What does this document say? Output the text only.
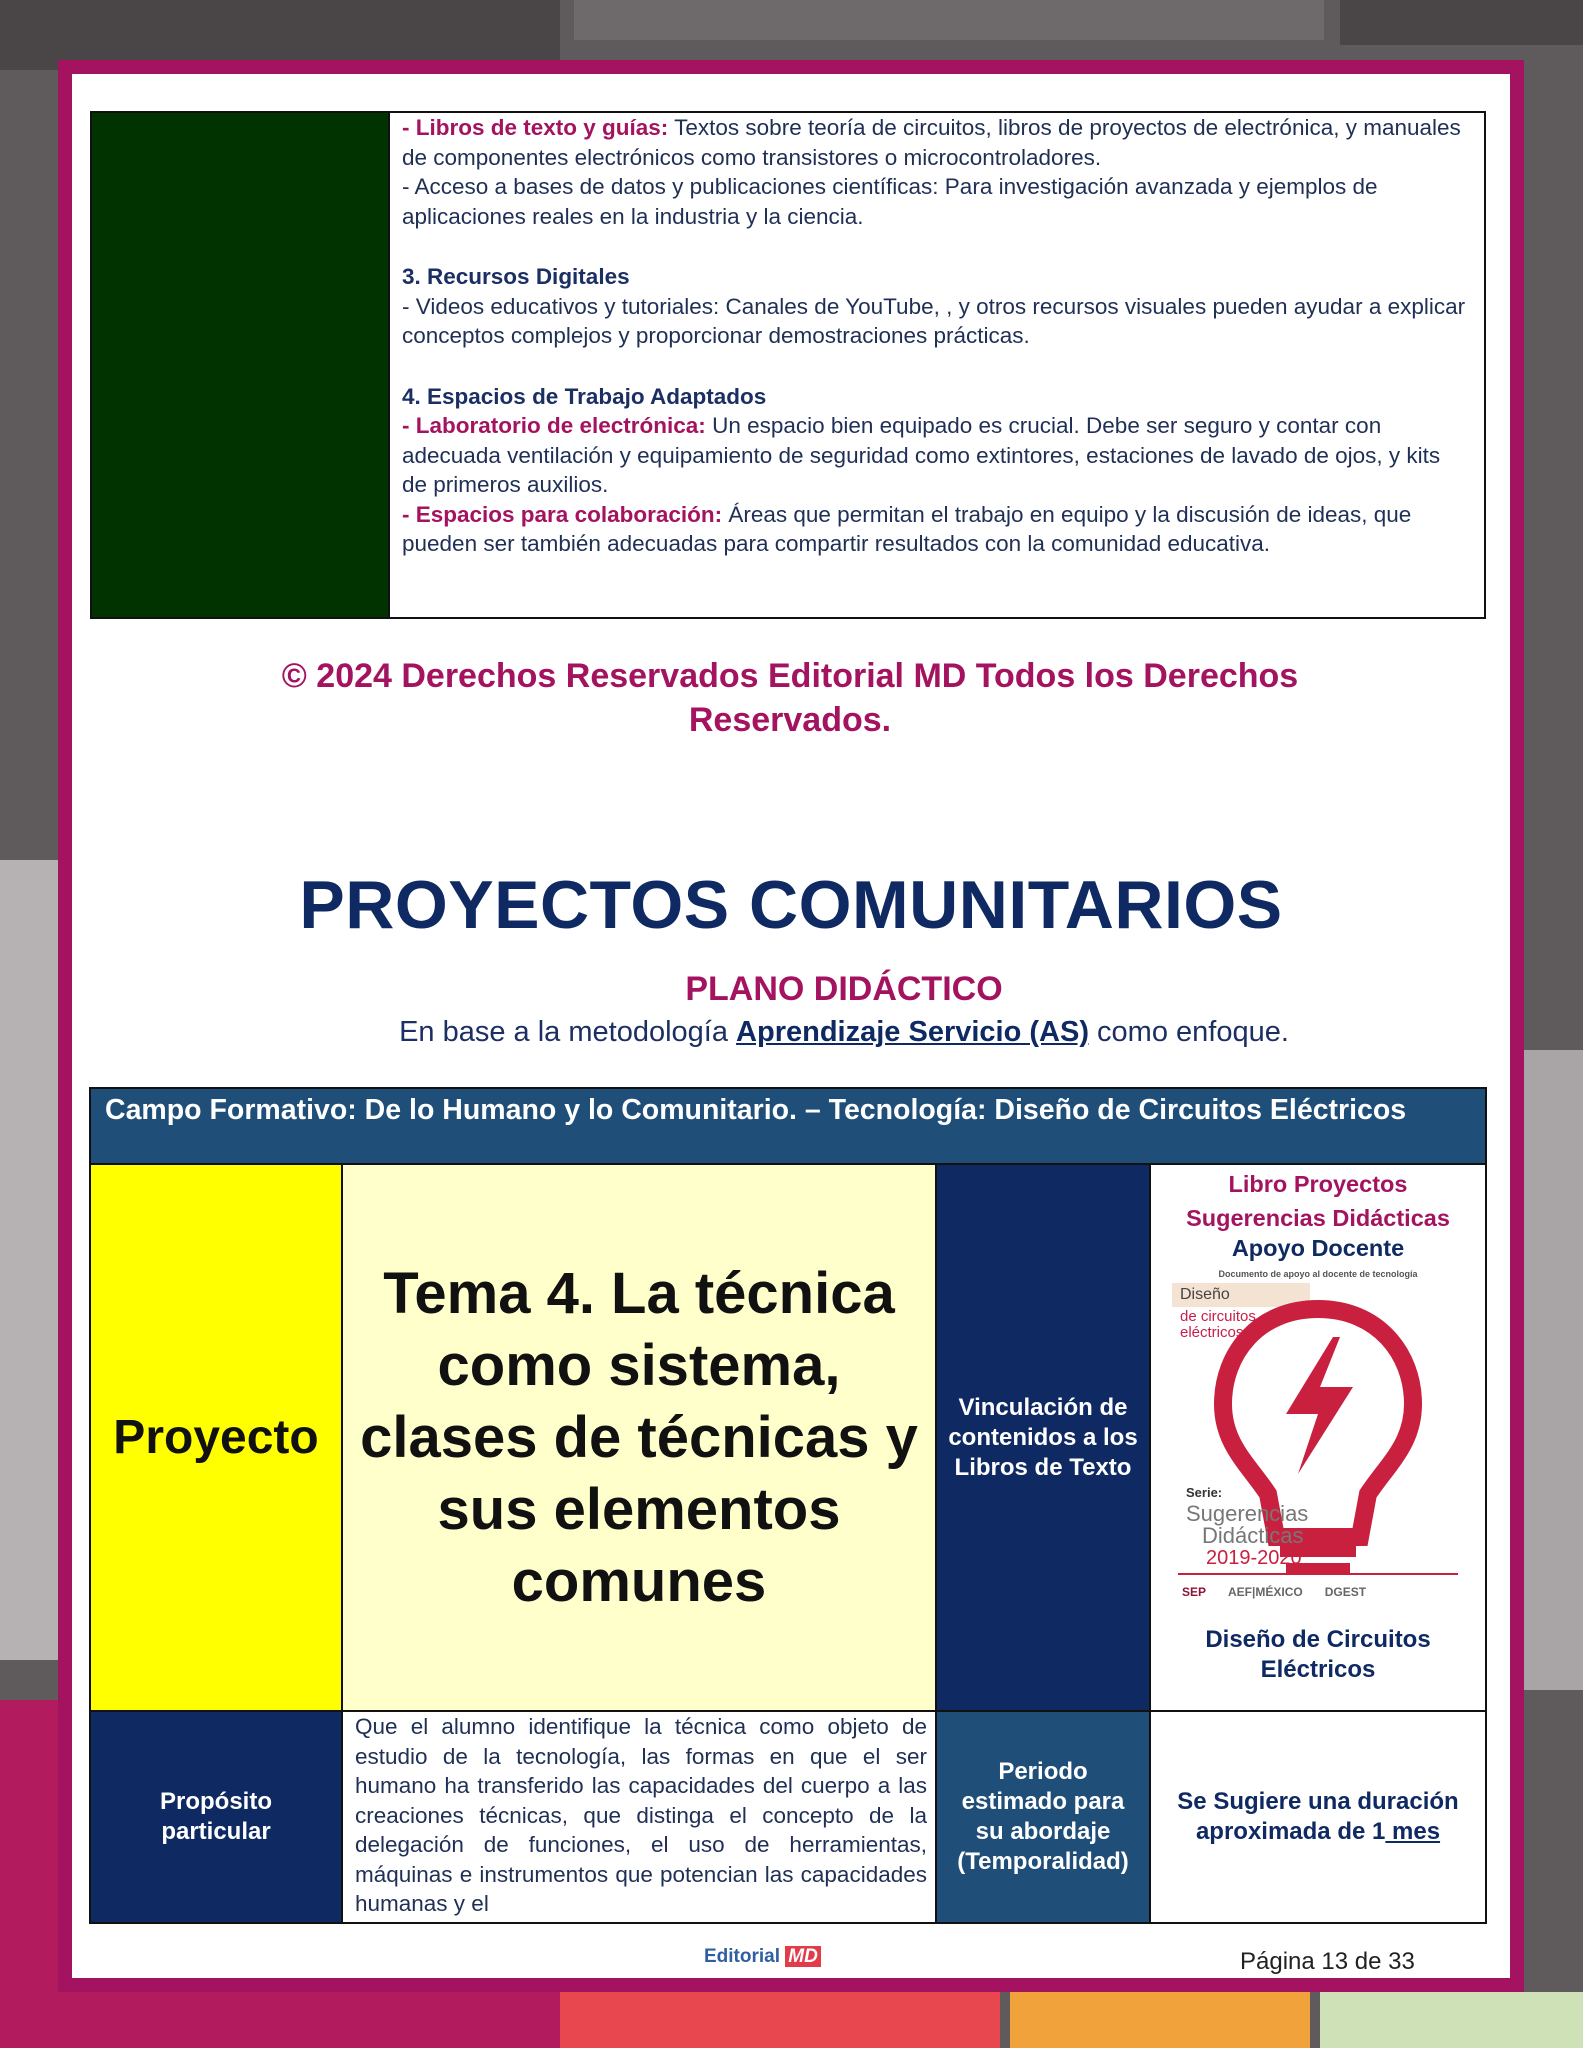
- Libros de texto y guías: Textos sobre teoría de circuitos, libros de proyectos de electrónica, y manuales de componentes electrónicos como transistores o microcontroladores.
- Acceso a bases de datos y publicaciones científicas: Para investigación avanzada y ejemplos de aplicaciones reales en la industria y la ciencia.
3. Recursos Digitales
- Videos educativos y tutoriales: Canales de YouTube, , y otros recursos visuales pueden ayudar a explicar conceptos complejos y proporcionar demostraciones prácticas.
4. Espacios de Trabajo Adaptados
- Laboratorio de electrónica: Un espacio bien equipado es crucial. Debe ser seguro y contar con adecuada ventilación y equipamiento de seguridad como extintores, estaciones de lavado de ojos, y kits de primeros auxilios.
- Espacios para colaboración: Áreas que permitan el trabajo en equipo y la discusión de ideas, que pueden ser también adecuadas para compartir resultados con la comunidad educativa.
© 2024 Derechos Reservados Editorial MD Todos los Derechos Reservados.
PROYECTOS COMUNITARIOS
PLANO DIDÁCTICO
En base a la metodología Aprendizaje Servicio (AS) como enfoque.
Campo Formativo: De lo Humano y lo Comunitario. – Tecnología: Diseño de Circuitos Eléctricos
Proyecto
Tema 4. La técnica como sistema, clases de técnicas y sus elementos comunes
Vinculación de contenidos a los Libros de Texto
Libro Proyectos
Sugerencias Didácticas
Apoyo Docente
Documento de apoyo al docente de tecnología
Diseño
de circuitos eléctricos
Serie:
Sugerencias
Didácticas
2019-2020
SEP AEF|MÉXICO DGEST
Diseño de Circuitos Eléctricos
Propósito particular
Que el alumno identifique la técnica como objeto de estudio de la tecnología, las formas en que el ser humano ha transferido las capacidades del cuerpo a las creaciones técnicas, que distinga el concepto de la delegación de funciones, el uso de herramientas, máquinas e instrumentos que potencian las capacidades humanas y el
Periodo estimado para su abordaje (Temporalidad)
Se Sugiere una duración aproximada de 1 mes
Editorial MD	Página 13 de 33
